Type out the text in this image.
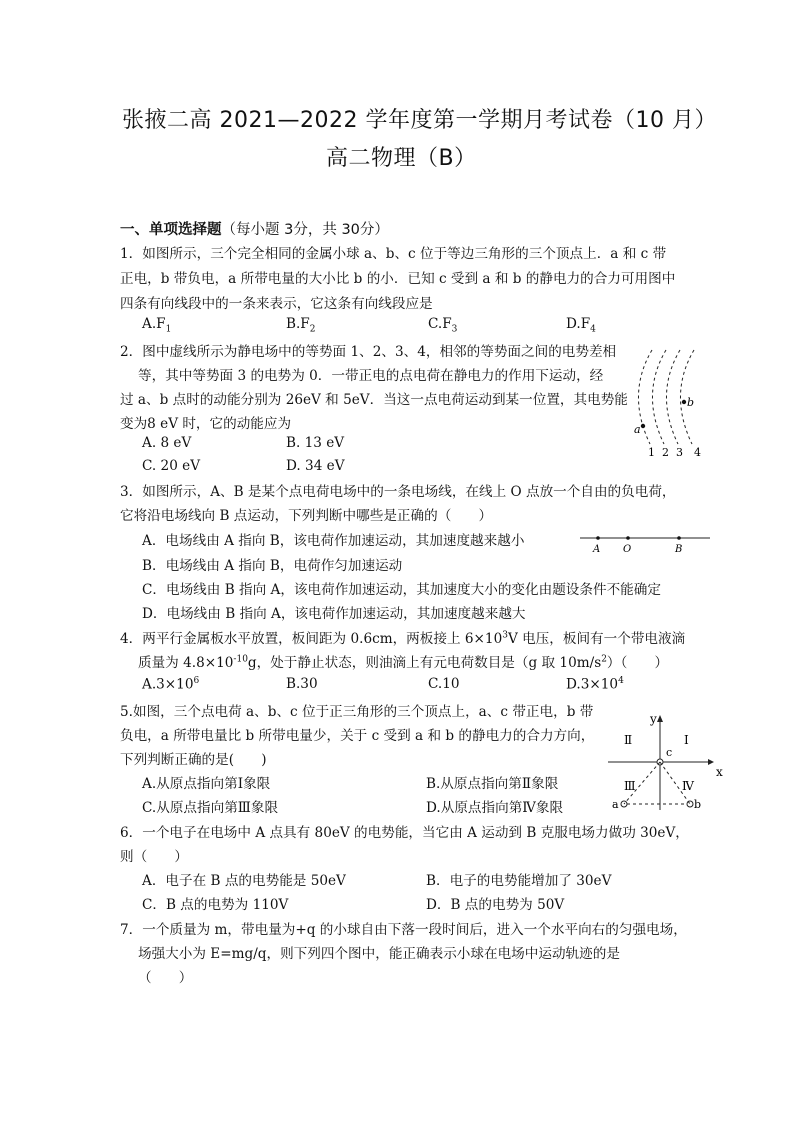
张掖二高 2021—2022 学年度第一学期月考试卷（10 月）
高二物理（B）
一、单项选择题（每小题 3分，共 30分）
1．如图所示，三个完全相同的金属小球 a、b、c 位于等边三角形的三个顶点上．a 和 c 带
正电，b 带负电，a 所带电量的大小比 b 的小．已知 c 受到 a 和 b 的静电力的合力可用图中
四条有向线段中的一条来表示，它这条有向线段应是
$A.F_1$	$B.F_2$	$C.F_3$	$D.F_4$
2．图中虚线所示为静电场中的等势面 1、2、3、4，相邻的等势面之间的电势差相
等，其中等势面 3 的电势为 0．一带正电的点电荷在静电力的作用下运动，经
过 a、b 点时的动能分别为 26eV 和 5eV．当这一点电荷运动到某一位置，其电势能
变为8 eV 时，它的动能应为
A. 8 eV	B. 13 eV
C. 20 eV	D. 34 eV
a
b
1 2 3 4
3．如图所示，A、B 是某个点电荷电场中的一条电场线，在线上 O 点放一个自由的负电荷，
它将沿电场线向 B 点运动，下列判断中哪些是正确的（　　）
A．电场线由 A 指向 B，该电荷作加速运动，其加速度越来越小
B．电场线由 A 指向 B，电荷作匀加速运动
C．电场线由 B 指向 A，该电荷作加速运动，其加速度大小的变化由题设条件不能确定
D．电场线由 B 指向 A，该电荷作加速运动，其加速度越来越大
A O	B
4．两平行金属板水平放置，板间距为 0.6cm，两板接上 $6\times 10^3V$ 电压，板间有一个带电液滴
质量为 $4.8\times 10^{-10}g$，处于静止状态，则油滴上有元电荷数目是（g 取 $10m/s^2$）（　　）
$A.3\times 10^6$	B.30	C.10	$D.3\times 10^4$
5.如图，三个点电荷 a、b、c 位于正三角形的三个顶点上，a、c 带正电，b 带
负电，a 所带电量比 b 所带电量少，关于 c 受到 a 和 b 的静电力的合力方向，
下列判断正确的是(　　)
A.从原点指向第Ⅰ象限	B.从原点指向第Ⅱ象限
C.从原点指向第Ⅲ象限	D.从原点指向第Ⅳ象限
y
x
c
Ⅱ	Ⅰ
Ⅲ	Ⅳ
a	b
6．一个电子在电场中 A 点具有 80eV 的电势能，当它由 A 运动到 B 克服电场力做功 30eV，
则（　　）
A．电子在 B 点的电势能是 50eV	B．电子的电势能增加了 30eV
C．B 点的电势为 110V	D．B 点的电势为 50V
7．一个质量为 m，带电量为+q 的小球自由下落一段时间后，进入一个水平向右的匀强电场，
场强大小为 E=mg/q，则下列四个图中，能正确表示小球在电场中运动轨迹的是
（　　）
